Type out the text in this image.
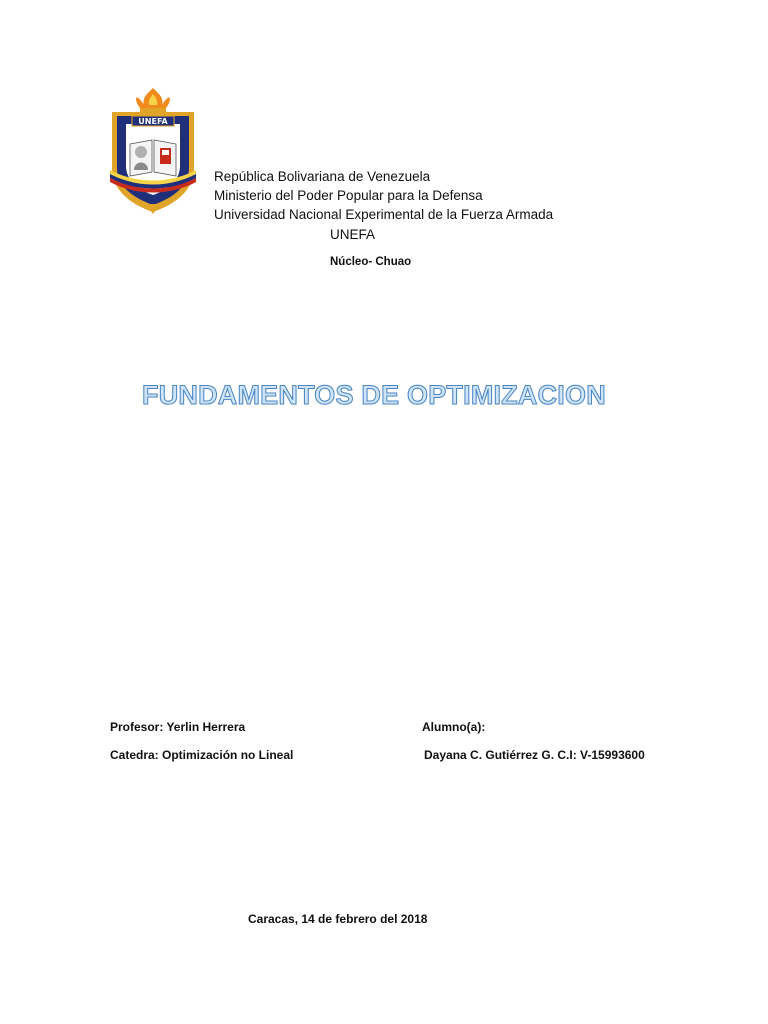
UNEFA
República Bolivariana de Venezuela
Ministerio del Poder Popular para la Defensa
Universidad Nacional Experimental de la Fuerza Armada
UNEFA
Núcleo- Chuao
FUNDAMENTOS DE OPTIMIZACION
Profesor: Yerlin Herrera
Catedra: Optimización no Lineal
Alumno(a):
Dayana C. Gutiérrez G. C.I: V-15993600
Caracas, 14 de febrero del 2018
